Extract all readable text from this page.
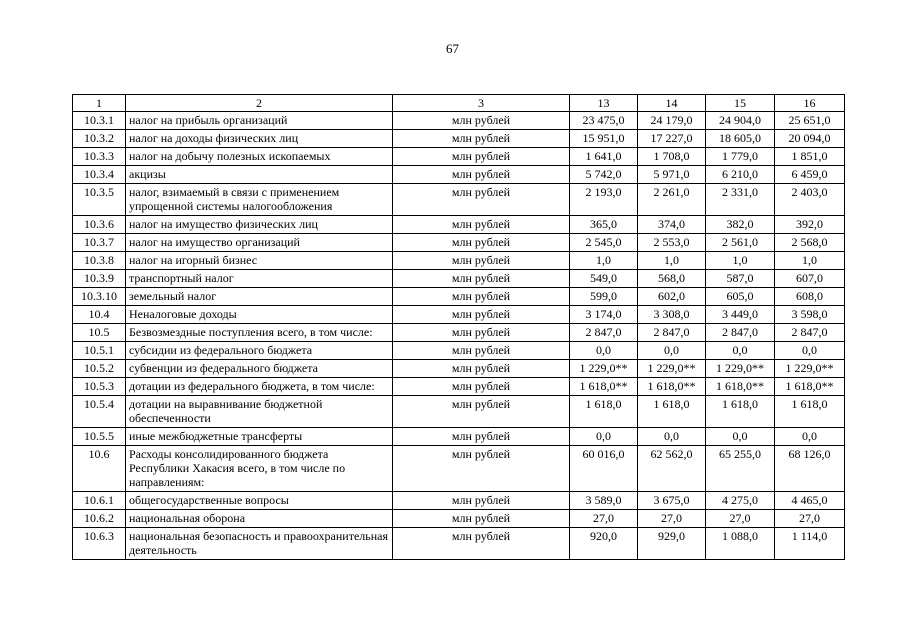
67
1	2	3	13	14	15	16
10.3.1	налог на прибыль организаций	млн рублей	23 475,0	24 179,0	24 904,0	25 651,0
10.3.2	налог на доходы физических лиц	млн рублей	15 951,0	17 227,0	18 605,0	20 094,0
10.3.3	налог на добычу полезных ископаемых	млн рублей	1 641,0	1 708,0	1 779,0	1 851,0
10.3.4	акцизы	млн рублей	5 742,0	5 971,0	6 210,0	6 459,0
10.3.5	налог, взимаемый в связи с применением упрощенной системы налогообложения	млн рублей	2 193,0	2 261,0	2 331,0	2 403,0
10.3.6	налог на имущество физических лиц	млн рублей	365,0	374,0	382,0	392,0
10.3.7	налог на имущество организаций	млн рублей	2 545,0	2 553,0	2 561,0	2 568,0
10.3.8	налог на игорный бизнес	млн рублей	1,0	1,0	1,0	1,0
10.3.9	транспортный налог	млн рублей	549,0	568,0	587,0	607,0
10.3.10	земельный налог	млн рублей	599,0	602,0	605,0	608,0
10.4	Неналоговые доходы	млн рублей	3 174,0	3 308,0	3 449,0	3 598,0
10.5	Безвозмездные поступления всего, в том числе:	млн рублей	2 847,0	2 847,0	2 847,0	2 847,0
10.5.1	субсидии из федерального бюджета	млн рублей	0,0	0,0	0,0	0,0
10.5.2	субвенции из федерального бюджета	млн рублей	1 229,0**	1 229,0**	1 229,0**	1 229,0**
10.5.3	дотации из федерального бюджета, в том числе:	млн рублей	1 618,0**	1 618,0**	1 618,0**	1 618,0**
10.5.4	дотации на выравнивание бюджетной обеспеченности	млн рублей	1 618,0	1 618,0	1 618,0	1 618,0
10.5.5	иные межбюджетные трансферты	млн рублей	0,0	0,0	0,0	0,0
10.6	Расходы консолидированного бюджета Республики Хакасия всего, в том числе по направлениям:	млн рублей	60 016,0	62 562,0	65 255,0	68 126,0
10.6.1	общегосударственные вопросы	млн рублей	3 589,0	3 675,0	4 275,0	4 465,0
10.6.2	национальная оборона	млн рублей	27,0	27,0	27,0	27,0
10.6.3	национальная безопасность и правоохранительная деятельность	млн рублей	920,0	929,0	1 088,0	1 114,0
